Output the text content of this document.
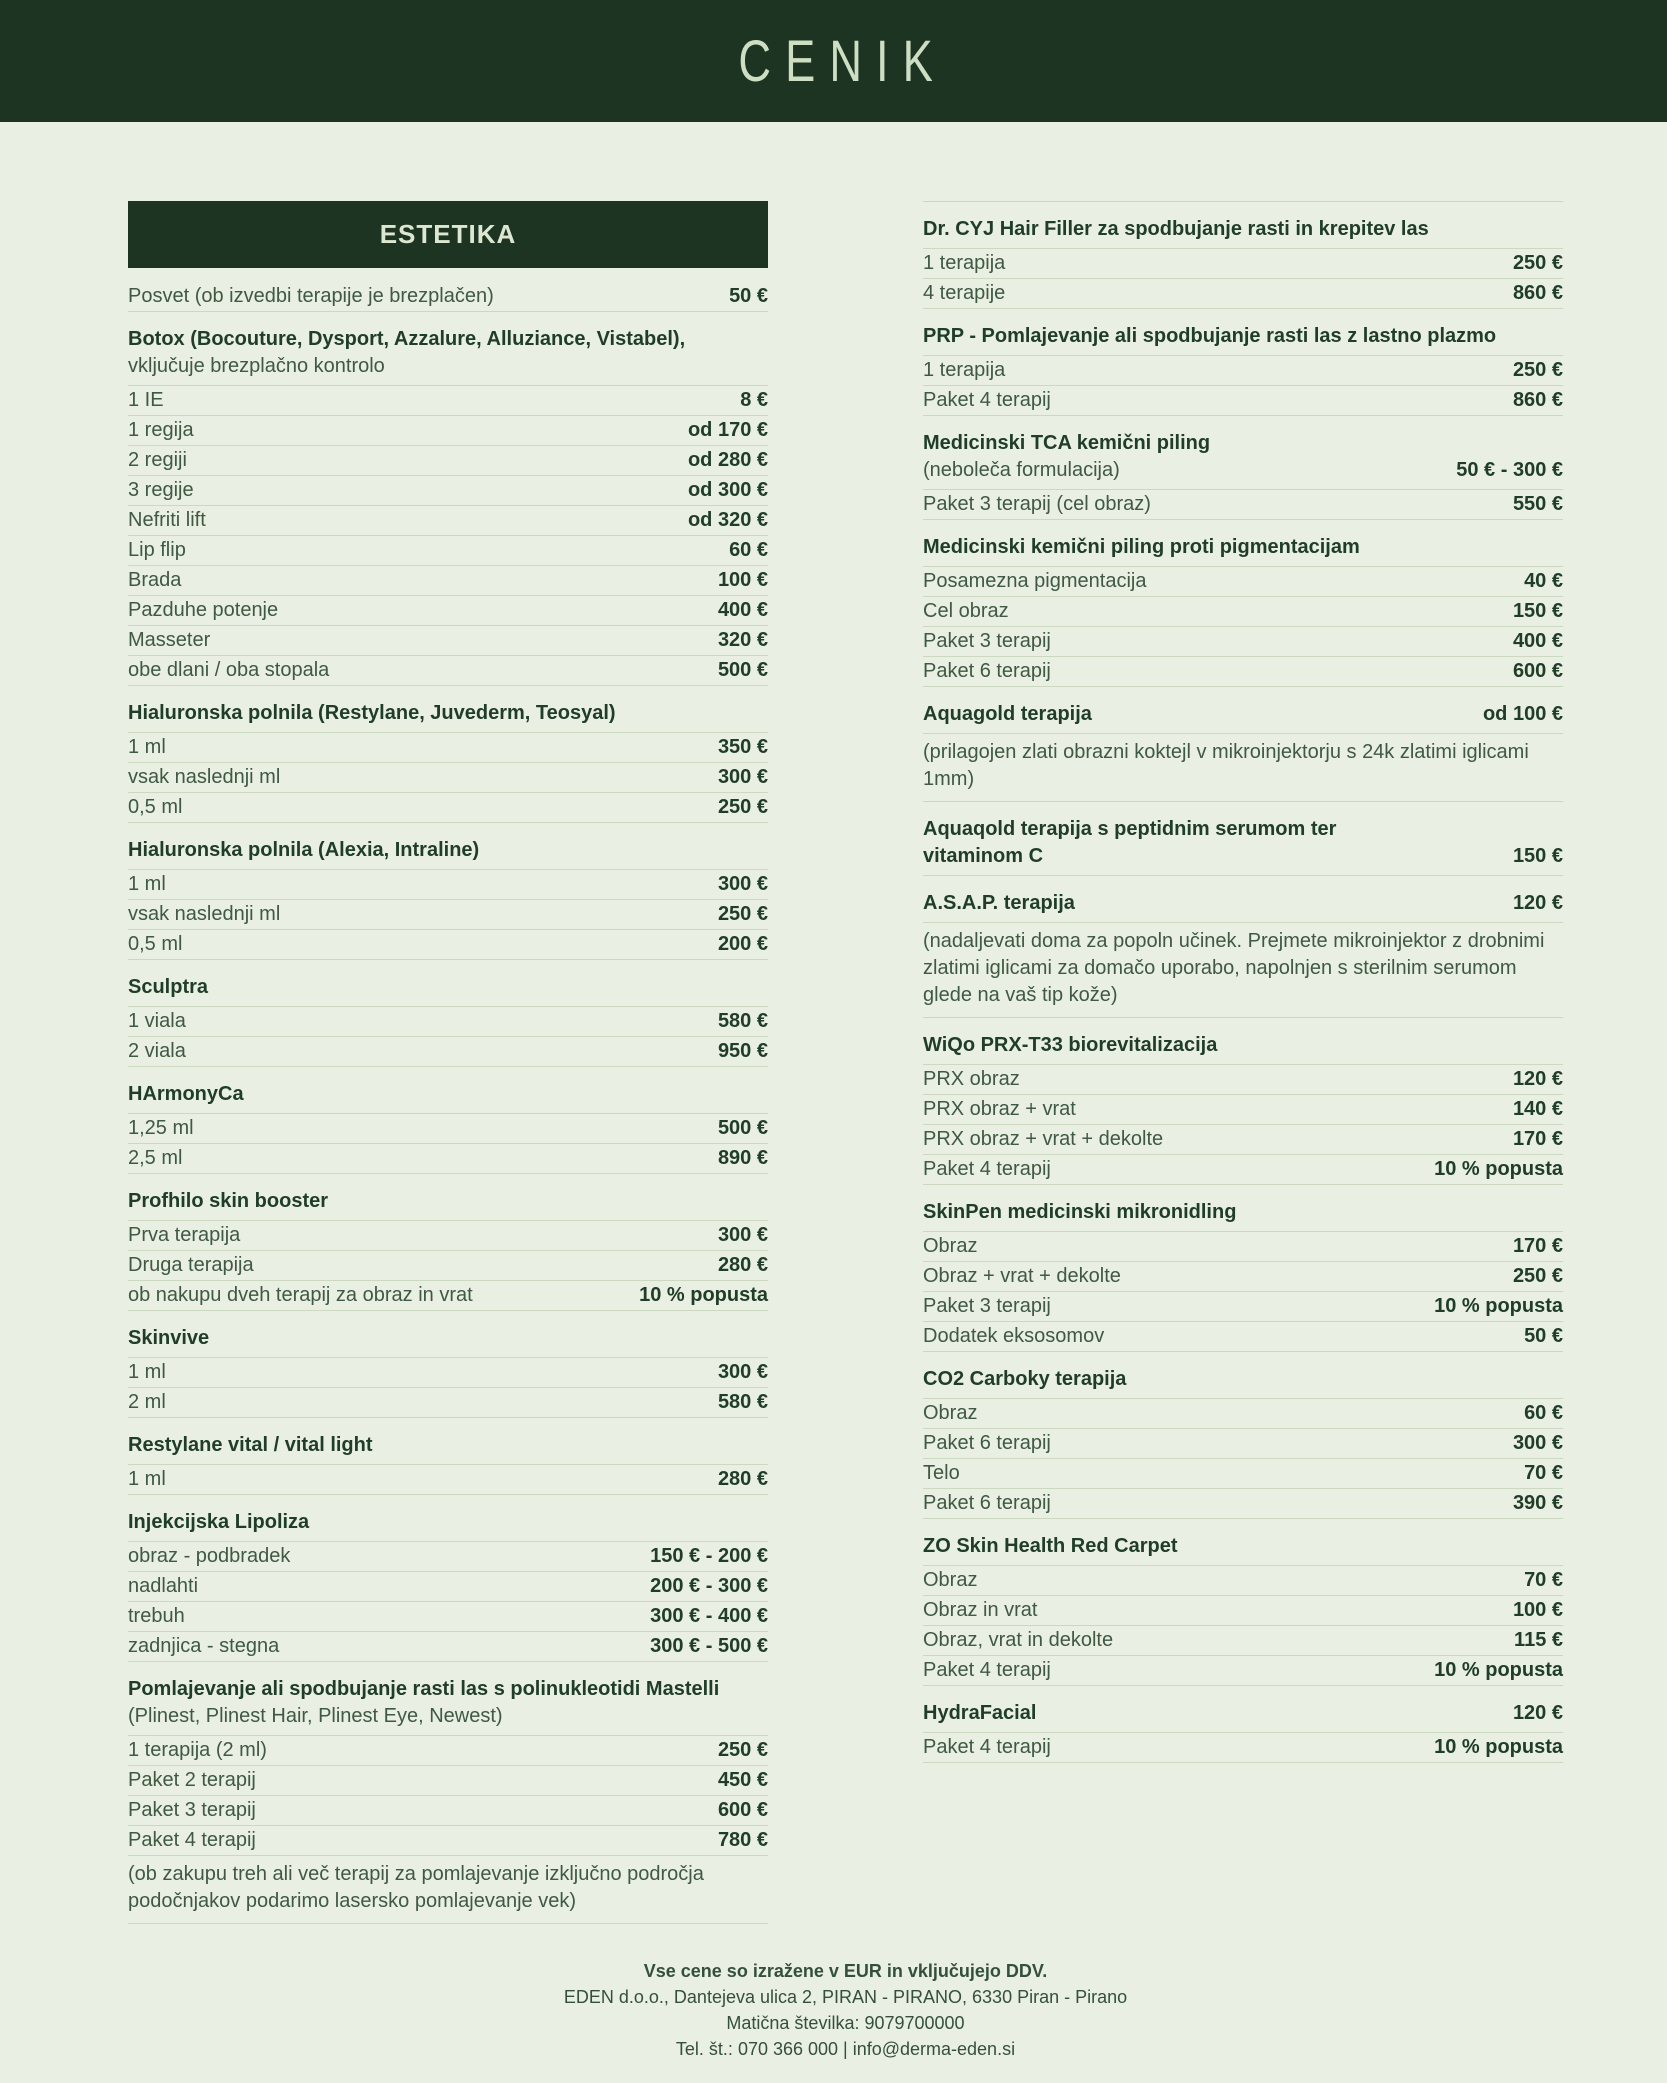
CENIK
ESTETIKA
Posvet (ob izvedbi terapije je brezplačen)	50 €
Botox (Bocouture, Dysport, Azzalure, Alluziance, Vistabel),
vključuje brezplačno kontrolo
1 IE	8 €
1 regija	od 170 €
2 regiji	od 280 €
3 regije	od 300 €
Nefriti lift	od 320 €
Lip flip	60 €
Brada	100 €
Pazduhe potenje	400 €
Masseter	320 €
obe dlani / oba stopala	500 €
Hialuronska polnila (Restylane, Juvederm, Teosyal)
1 ml	350 €
vsak naslednji ml	300 €
0,5 ml	250 €
Hialuronska polnila (Alexia, Intraline)
1 ml	300 €
vsak naslednji ml	250 €
0,5 ml	200 €
Sculptra
1 viala	580 €
2 viala	950 €
HArmonyCa
1,25 ml	500 €
2,5 ml	890 €
Profhilo skin booster
Prva terapija	300 €
Druga terapija	280 €
ob nakupu dveh terapij za obraz in vrat	10 % popusta
Skinvive
1 ml	300 €
2 ml	580 €
Restylane vital / vital light
1 ml	280 €
Injekcijska Lipoliza
obraz - podbradek	150 € - 200 €
nadlahti	200 € - 300 €
trebuh	300 € - 400 €
zadnjica - stegna	300 € - 500 €
Pomlajevanje ali spodbujanje rasti las s polinukleotidi Mastelli
(Plinest, Plinest Hair, Plinest Eye, Newest)
1 terapija (2 ml)	250 €
Paket 2 terapij	450 €
Paket 3 terapij	600 €
Paket 4 terapij	780 €
(ob zakupu treh ali več terapij za pomlajevanje izključno področja podočnjakov podarimo lasersko pomlajevanje vek)
Dr. CYJ Hair Filler za spodbujanje rasti in krepitev las
1 terapija	250 €
4 terapije	860 €
PRP - Pomlajevanje ali spodbujanje rasti las z lastno plazmo
1 terapija	250 €
Paket 4 terapij	860 €
Medicinski TCA kemični piling
(neboleča formulacija)	50 € - 300 €
Paket 3 terapij (cel obraz)	550 €
Medicinski kemični piling proti pigmentacijam
Posamezna pigmentacija	40 €
Cel obraz	150 €
Paket 3 terapij	400 €
Paket 6 terapij	600 €
Aquagold terapija	od 100 €
(prilagojen zlati obrazni koktejl v mikroinjektorju s 24k zlatimi iglicami 1mm)
Aquaqold terapija s peptidnim serumom ter
vitaminom C	150 €
A.S.A.P. terapija	120 €
(nadaljevati doma za popoln učinek. Prejmete mikroinjektor z drobnimi zlatimi iglicami za domačo uporabo, napolnjen s sterilnim serumom glede na vaš tip kože)
WiQo PRX-T33 biorevitalizacija
PRX obraz	120 €
PRX obraz + vrat	140 €
PRX obraz + vrat + dekolte	170 €
Paket 4 terapij	10 % popusta
SkinPen medicinski mikronidling
Obraz	170 €
Obraz + vrat + dekolte	250 €
Paket 3 terapij	10 % popusta
Dodatek eksosomov	50 €
CO2 Carboky terapija
Obraz	60 €
Paket 6 terapij	300 €
Telo	70 €
Paket 6 terapij	390 €
ZO Skin Health Red Carpet
Obraz	70 €
Obraz in vrat	100 €
Obraz, vrat in dekolte	115 €
Paket 4 terapij	10 % popusta
HydraFacial	120 €
Paket 4 terapij	10 % popusta
Vse cene so izražene v EUR in vključujejo DDV.
EDEN d.o.o., Dantejeva ulica 2, PIRAN - PIRANO, 6330 Piran - Pirano
Matična številka: 9079700000
Tel. št.: 070 366 000 | info@derma-eden.si
